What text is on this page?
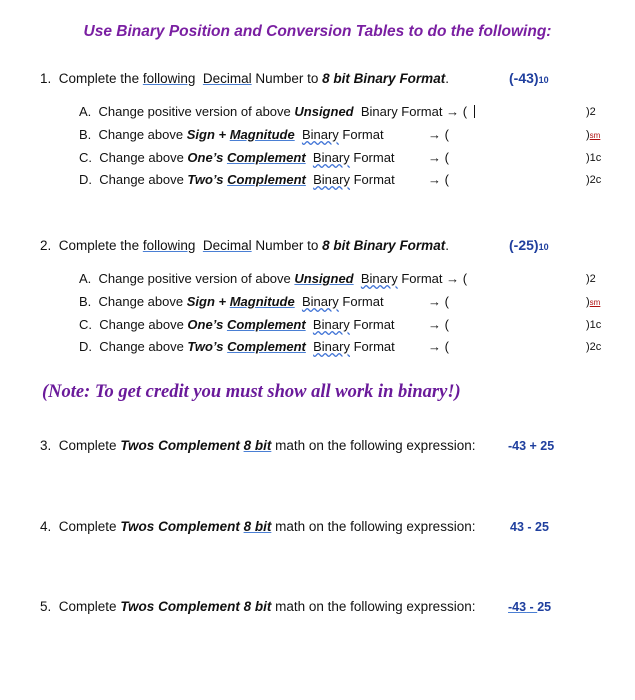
Use Binary Position and Conversion Tables to do the following:
1. Complete the following Decimal Number to 8 bit Binary Format.	(-43)10
A. Change positive version of above Unsigned  Binary Format → (	)2
B. Change above Sign + Magnitude Binary Format	→ (	)sm
C. Change above One’s Complement Binary Format	→ (	)1c
D. Change above Two’s Complement Binary Format	→ (	)2c
2. Complete the following Decimal Number to 8 bit Binary Format.	(-25)10
A. Change positive version of above Unsigned Binary Format → (	)2
B. Change above Sign + Magnitude Binary Format	→ (	)sm
C. Change above One’s Complement Binary Format	→ (	)1c
D. Change above Two’s Complement Binary Format	→ (	)2c
(Note: To get credit you must show all work in binary!)
3. Complete Twos Complement 8 bit math on the following expression:	-43 + 25
4. Complete Twos Complement 8 bit math on the following expression:	43 - 25
5. Complete Twos Complement 8 bit math on the following expression:	-43 - 25
